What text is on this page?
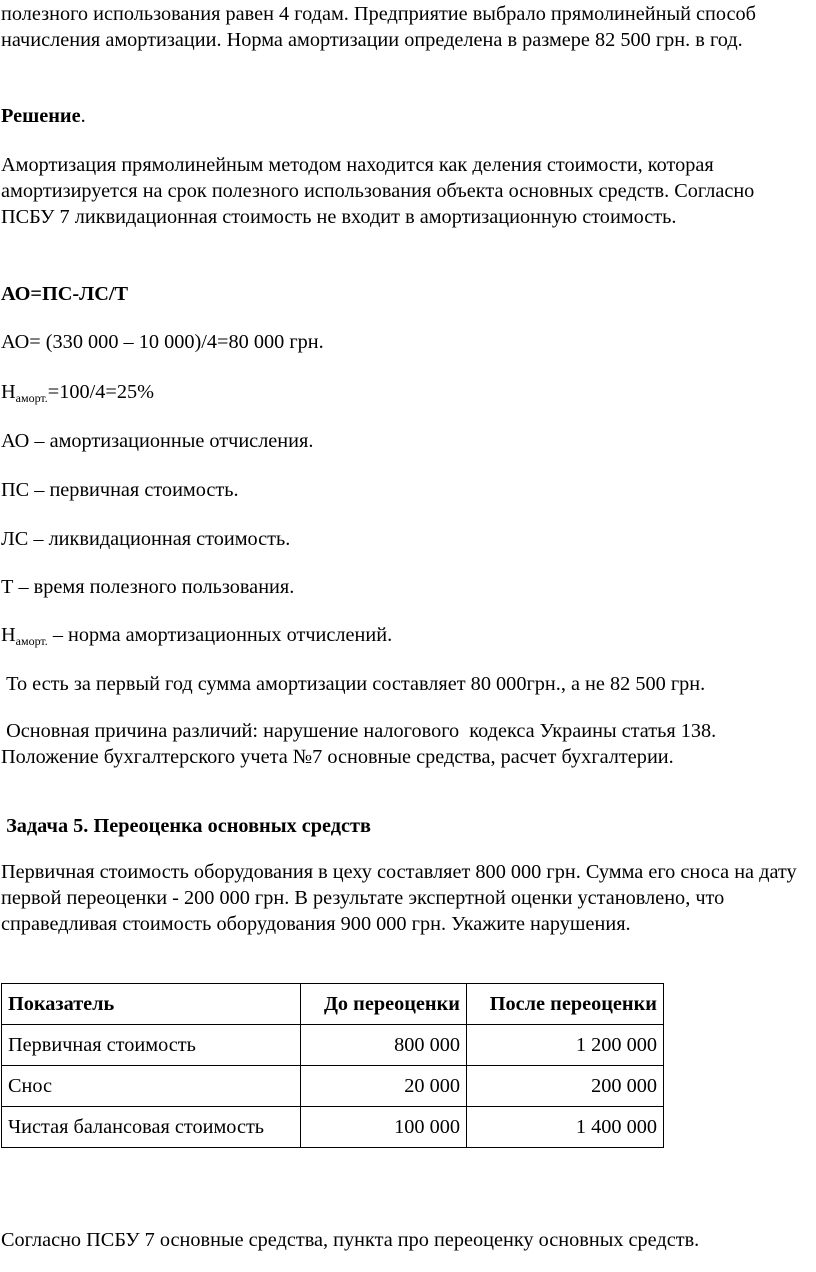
полезного использования равен 4 годам. Предприятие выбрало прямолинейный способ начисления амортизации. Норма амортизации определена в размере 82 500 грн. в год.

Решение.

Амортизация прямолинейным методом находится как деления стоимости, которая амортизируется на срок полезного использования объекта основных средств. Согласно ПСБУ 7 ликвидационная стоимость не входит в амортизационную стоимость.

АО=ПС-ЛС/Т

АО= (330 000 – 10 000)/4=80 000 грн.

$Н_{аморт.}=100/4=25\%$

АО – амортизационные отчисления.

ПС – первичная стоимость.

ЛС – ликвидационная стоимость.

Т – время полезного пользования.

$Н_{аморт.}$ – норма амортизационных отчислений.

То есть за первый год сумма амортизации составляет 80 000грн., а не 82 500 грн.

Основная причина различий: нарушение налогового  кодекса Украины статья 138. Положение бухгалтерского учета №7 основные средства, расчет бухгалтерии.

Задача 5. Переоценка основных средств

Первичная стоимость оборудования в цеху составляет 800 000 грн. Сумма его сноса на дату первой переоценки - 200 000 грн. В результате экспертной оценки установлено, что справедливая стоимость оборудования 900 000 грн. Укажите нарушения.

Показатель	До переоценки	После переоценки
Первичная стоимость	800 000	1 200 000
Снос	20 000	200 000
Чистая балансовая стоимость	100 000	1 400 000

Согласно ПСБУ 7 основные средства, пункта про переоценку основных средств.
